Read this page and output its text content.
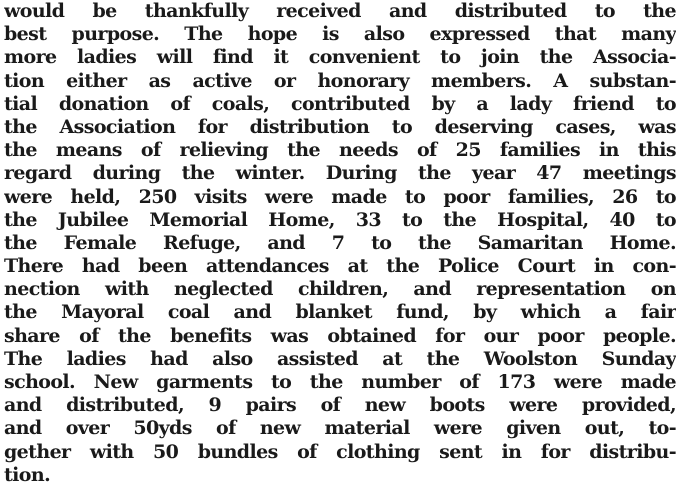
would be thankfully received and distributed to the
best purpose. The hope is also expressed that many
more ladies will find it convenient to join the Associa-
tion either as active or honorary members. A substan-
tial donation of coals, contributed by a lady friend to
the Association for distribution to deserving cases, was
the means of relieving the needs of 25 families in this
regard during the winter. During the year 47 meetings
were held, 250 visits were made to poor families, 26 to
the Jubilee Memorial Home, 33 to the Hospital, 40 to
the Female Refuge, and 7 to the Samaritan Home.
There had been attendances at the Police Court in con-
nection with neglected children, and representation on
the Mayoral coal and blanket fund, by which a fair
share of the benefits was obtained for our poor people.
The ladies had also assisted at the Woolston Sunday
school. New garments to the number of 173 were made
and distributed, 9 pairs of new boots were provided,
and over 50yds of new material were given out, to-
gether with 50 bundles of clothing sent in for distribu-
tion.
